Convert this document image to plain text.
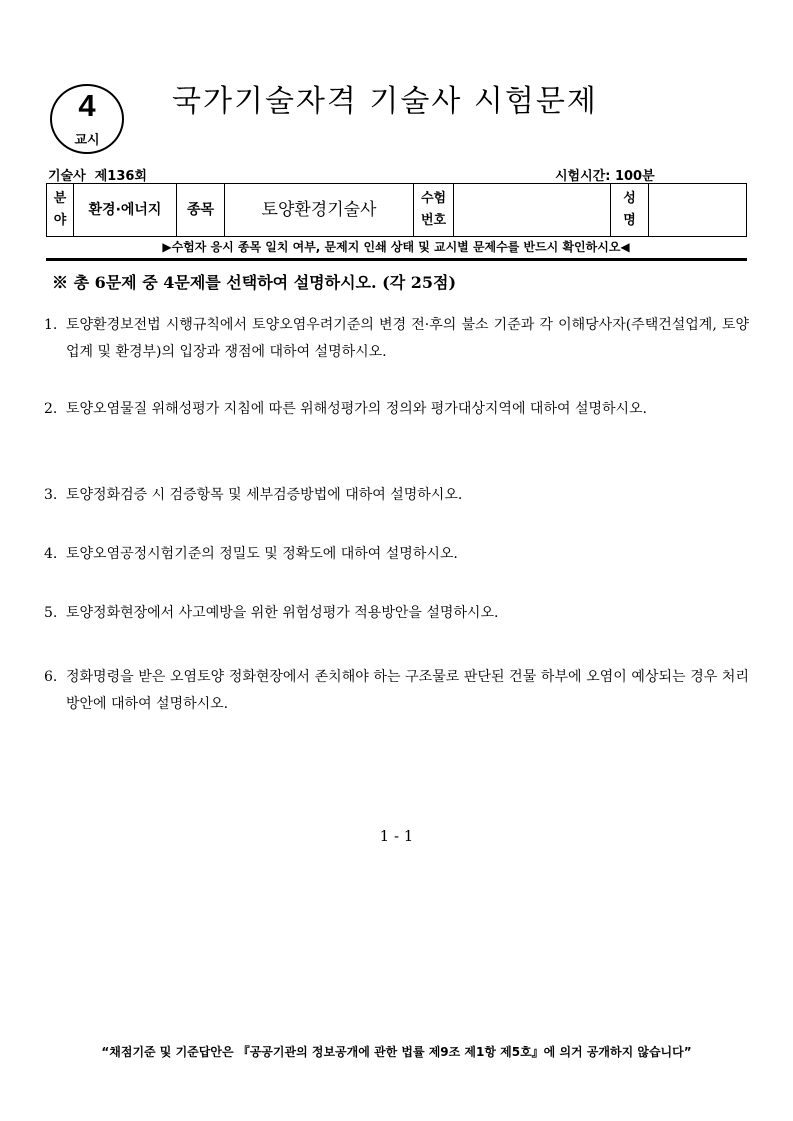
4
교시
국가기술자격 기술사 시험문제
기술사  제136회	시험시간: 100분
분야	환경·에너지	종목	토양환경기술사	수험번호		성명	
▶수험자 응시 종목 일치 여부, 문제지 인쇄 상태 및 교시별 문제수를 반드시 확인하시오◀
※ 총 6문제 중 4문제를 선택하여 설명하시오. (각 25점)
1. 토양환경보전법 시행규칙에서 토양오염우려기준의 변경 전·후의 불소 기준과 각 이해당사자(주택건설업계, 토양업계 및 환경부)의 입장과 쟁점에 대하여 설명하시오.
2. 토양오염물질 위해성평가 지침에 따른 위해성평가의 정의와 평가대상지역에 대하여 설명하시오.
3. 토양정화검증 시 검증항목 및 세부검증방법에 대하여 설명하시오.
4. 토양오염공정시험기준의 정밀도 및 정확도에 대하여 설명하시오.
5. 토양정화현장에서 사고예방을 위한 위험성평가 적용방안을 설명하시오.
6. 정화명령을 받은 오염토양 정화현장에서 존치해야 하는 구조물로 판단된 건물 하부에 오염이 예상되는 경우 처리 방안에 대하여 설명하시오.
1 - 1
“채점기준 및 기준답안은 『공공기관의 정보공개에 관한 법률 제9조 제1항 제5호』에 의거 공개하지 않습니다”
